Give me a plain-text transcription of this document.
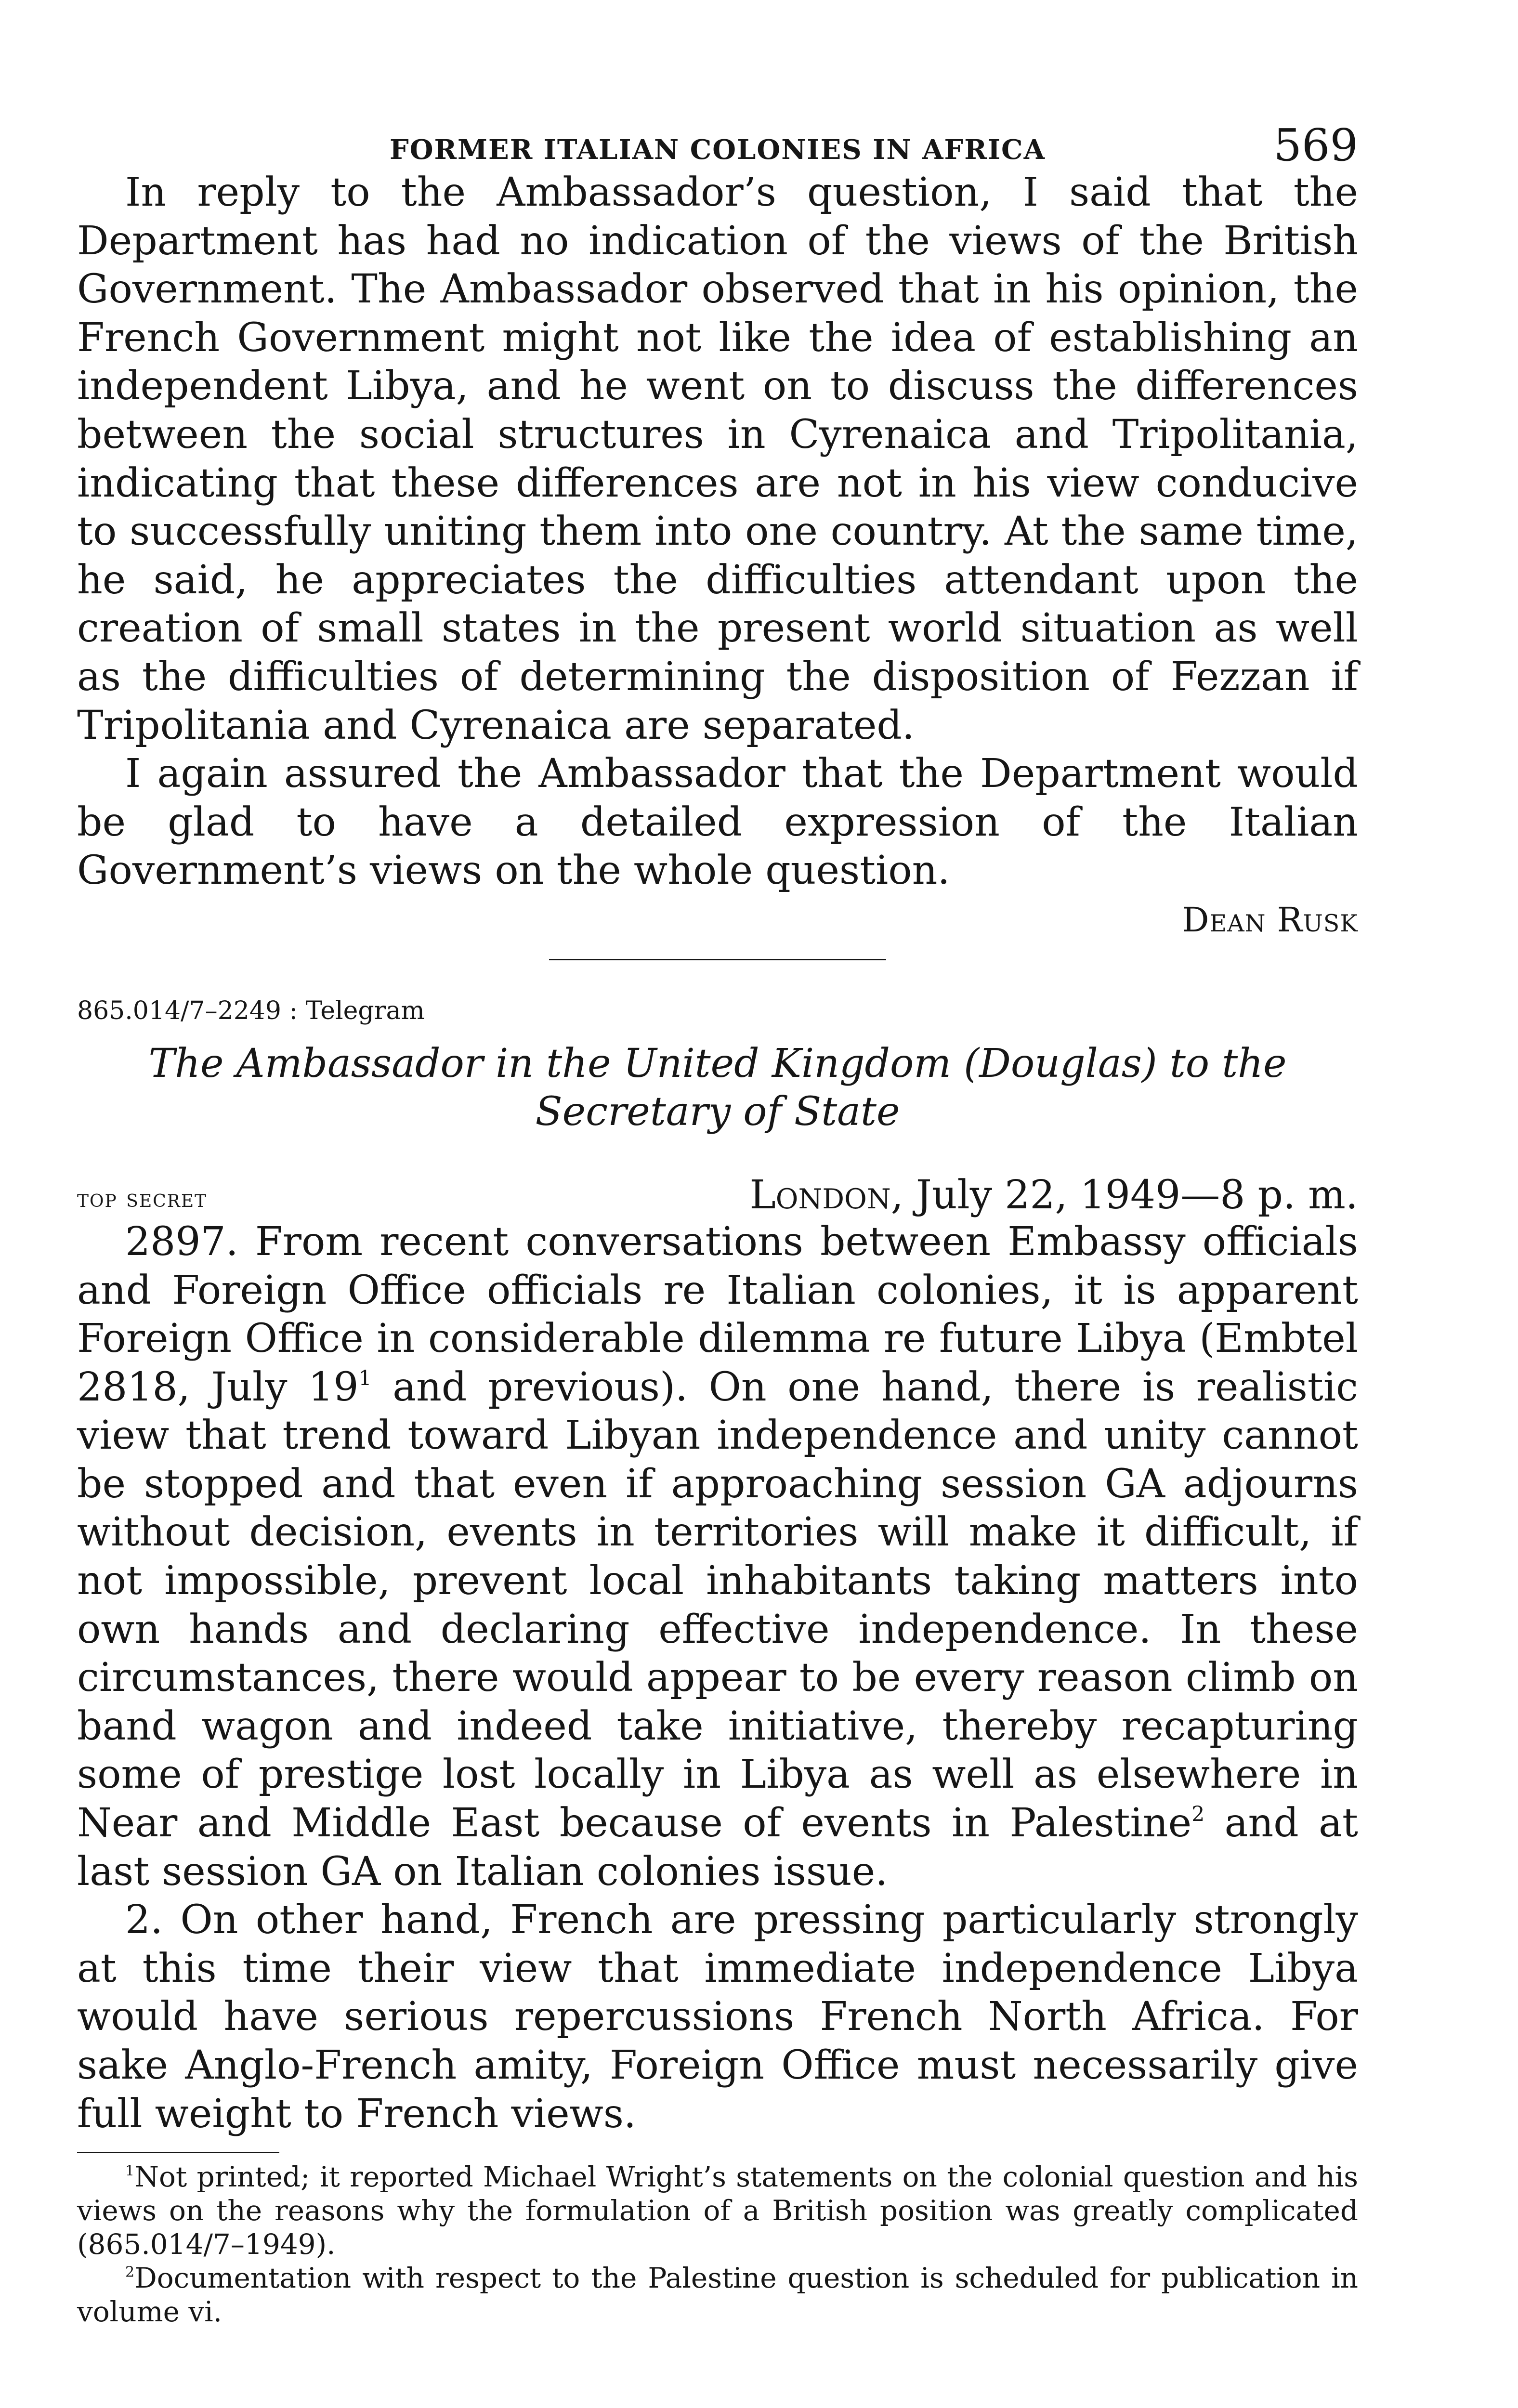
FORMER ITALIAN COLONIES IN AFRICA	569

In reply to the Ambassador’s question, I said that the Department has had no indication of the views of the British Government. The Ambassador observed that in his opinion, the French Government might not like the idea of establishing an independent Libya, and he went on to discuss the differences between the social structures in Cyrenaica and Tripolitania, indicating that these differences are not in his view conducive to successfully uniting them into one country. At the same time, he said, he appreciates the difficulties attendant upon the creation of small states in the present world situation as well as the difficulties of determining the disposition of Fezzan if Tripolitania and Cyrenaica are separated.

I again assured the Ambassador that the Department would be glad to have a detailed expression of the Italian Government’s views on the whole question.

Dean Rusk
865.014/7–2249 : Telegram
The Ambassador in the United Kingdom (Douglas) to the
Secretary of State
top secret	London, July 22, 1949—8 p. m.

2897. From recent conversations between Embassy officials and Foreign Office officials re Italian colonies, it is apparent Foreign Office in considerable dilemma re future Libya (Embtel 2818, July $19^1$ and previous). On one hand, there is realistic view that trend toward Libyan independence and unity cannot be stopped and that even if approaching session GA adjourns without decision, events in territories will make it difficult, if not impossible, prevent local inhabitants taking matters into own hands and declaring effective independence. In these circumstances, there would appear to be every reason climb on band wagon and indeed take initiative, thereby recapturing some of prestige lost locally in Libya as well as elsewhere in Near and Middle East because of events in Palestine$^2$ and at last session GA on Italian colonies issue.

2. On other hand, French are pressing particularly strongly at this time their view that immediate independence Libya would have serious repercussions French North Africa. For sake Anglo-French amity, Foreign Office must necessarily give full weight to French views.

$^1$Not printed; it reported Michael Wright’s statements on the colonial question and his views on the reasons why the formulation of a British position was greatly complicated (865.014/7–1949).

$^2$Documentation with respect to the Palestine question is scheduled for publication in volume vi.
